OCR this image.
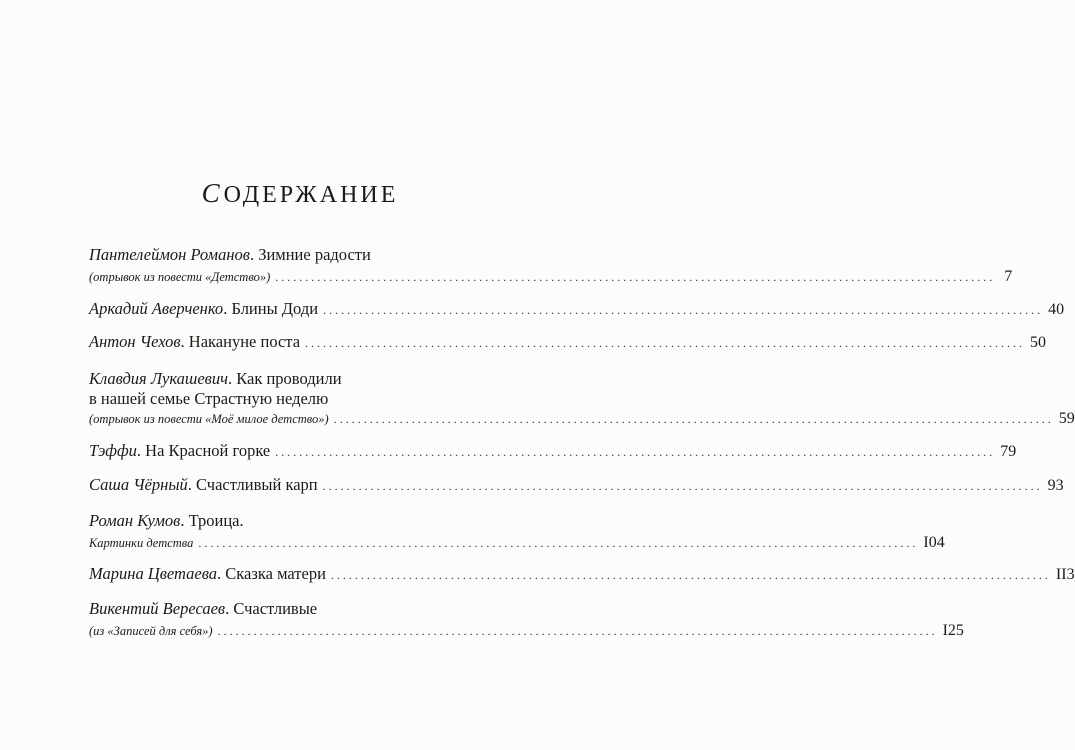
СОДЕРЖАНИЕ
Пантелеймон Романов . Зимние радости
(отрывок из повести «Детство») ........................................................................................................................ 7
Аркадий Аверченко . Блины Доди ........................................................................................................................ 40
Антон Чехов . Накануне поста ........................................................................................................................ 50
Клавдия Лукашевич . Как проводили
в нашей семье Страстную неделю
(отрывок из повести «Моё милое детство») ........................................................................................................................ 59
Тэффи . На Красной горке ........................................................................................................................ 79
Саша Чёрный . Счастливый карп ........................................................................................................................ 93
Роман Кумов . Троица.
Картинки детства ........................................................................................................................ I04
Марина Цветаева . Сказка матери ........................................................................................................................ II3
Викентий Вересаев . Счастливые
(из «Записей для себя») ........................................................................................................................ I25
